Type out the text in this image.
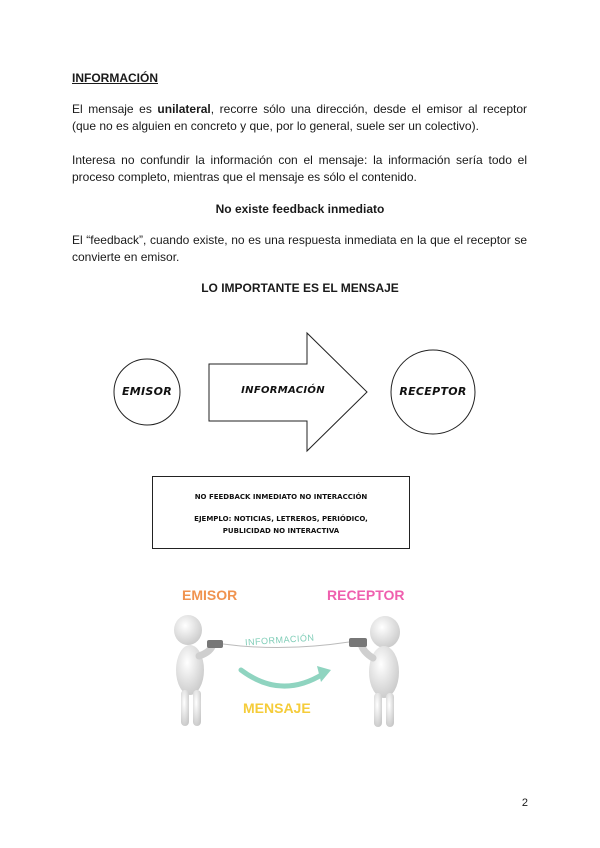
INFORMACIÓN
El mensaje es unilateral, recorre sólo una dirección, desde el emisor al receptor (que no es alguien en concreto y que, por lo general, suele ser un colectivo).
Interesa no confundir la información con el mensaje: la información sería todo el proceso completo, mientras que el mensaje es sólo el contenido.
No existe feedback inmediato
El “feedback”, cuando existe, no es una respuesta inmediata en la que el receptor se convierte en emisor.
LO IMPORTANTE ES EL MENSAJE
EMISOR	INFORMACIÓN	RECEPTOR
NO FEEDBACK INMEDIATO NO INTERACCIÓN
EJEMPLO: NOTICIAS, LETREROS, PERIÓDICO, PUBLICIDAD NO INTERACTIVA
EMISOR	RECEPTOR
MENSAJE
INFORMACIÓN
2
